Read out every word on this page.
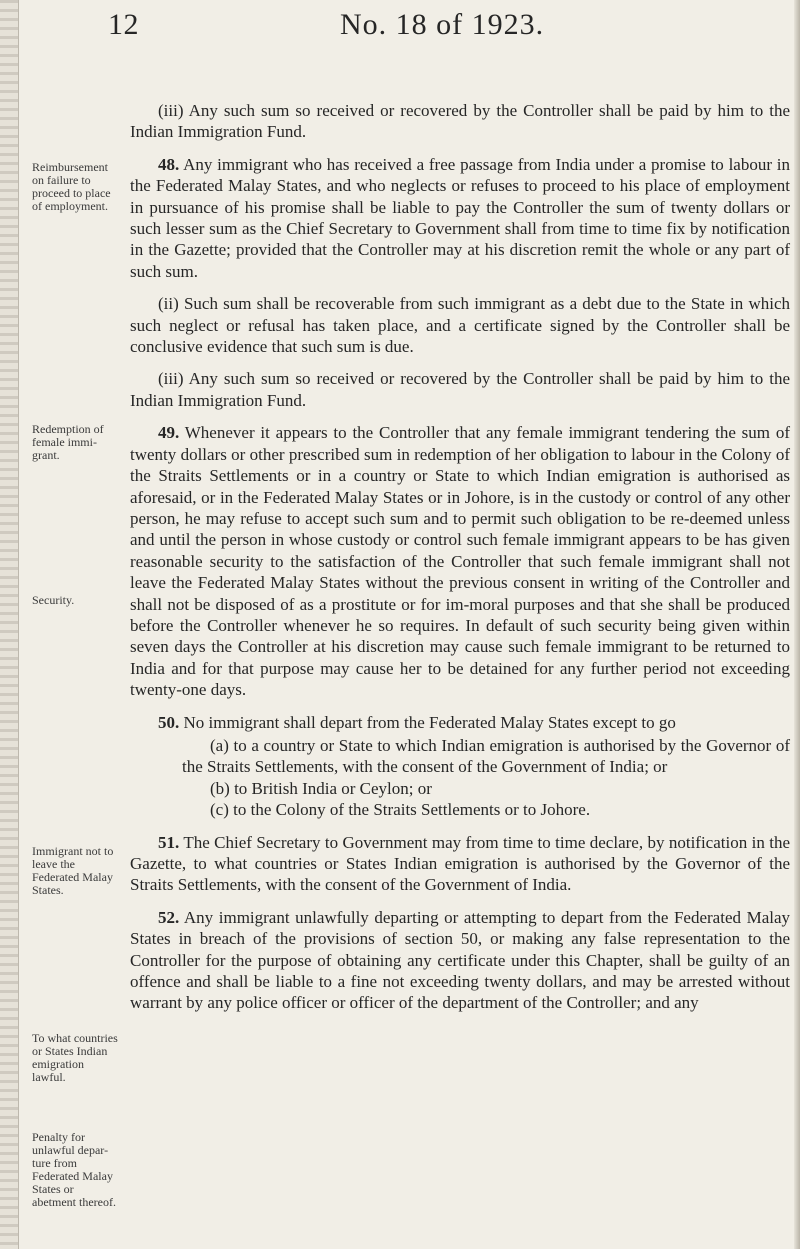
12	No. 18 of 1923.
Reimbursement on failure to proceed to place of employment.
Redemption of female immi-grant.
Security.
Immigrant not to leave the Federated Malay States.
To what countries or States Indian emigration lawful.
Penalty for unlawful depar-ture from Federated Malay States or abetment thereof.

(iii) Any such sum so received or recovered by the Controller shall be paid by him to the Indian Immigration Fund.

48. Any immigrant who has received a free passage from India under a promise to labour in the Federated Malay States, and who neglects or refuses to proceed to his place of employment in pursuance of his promise shall be liable to pay the Controller the sum of twenty dollars or such lesser sum as the Chief Secretary to Government shall from time to time fix by notification in the Gazette; provided that the Controller may at his discretion remit the whole or any part of such sum.

(ii) Such sum shall be recoverable from such immigrant as a debt due to the State in which such neglect or refusal has taken place, and a certificate signed by the Controller shall be conclusive evidence that such sum is due.

(iii) Any such sum so received or recovered by the Controller shall be paid by him to the Indian Immigration Fund.

49. Whenever it appears to the Controller that any female immigrant tendering the sum of twenty dollars or other prescribed sum in redemption of her obligation to labour in the Colony of the Straits Settlements or in a country or State to which Indian emigration is authorised as aforesaid, or in the Federated Malay States or in Johore, is in the custody or control of any other person, he may refuse to accept such sum and to permit such obligation to be re-deemed unless and until the person in whose custody or control such female immigrant appears to be has given reasonable security to the satisfaction of the Controller that such female immigrant shall not leave the Federated Malay States without the previous consent in writing of the Controller and shall not be disposed of as a prostitute or for im-moral purposes and that she shall be produced before the Controller whenever he so requires. In default of such security being given within seven days the Controller at his discretion may cause such female immigrant to be returned to India and for that purpose may cause her to be detained for any further period not exceeding twenty-one days.

50. No immigrant shall depart from the Federated Malay States except to go

(a) to a country or State to which Indian emigration is authorised by the Governor of the Straits Settlements, with the consent of the Government of India; or

(b) to British India or Ceylon; or

(c) to the Colony of the Straits Settlements or to Johore.

51. The Chief Secretary to Government may from time to time declare, by notification in the Gazette, to what countries or States Indian emigration is authorised by the Governor of the Straits Settlements, with the consent of the Government of India.

52. Any immigrant unlawfully departing or attempting to depart from the Federated Malay States in breach of the provisions of section 50, or making any false representation to the Controller for the purpose of obtaining any certificate under this Chapter, shall be guilty of an offence and shall be liable to a fine not exceeding twenty dollars, and may be arrested without warrant by any police officer or officer of the department of the Controller; and any
